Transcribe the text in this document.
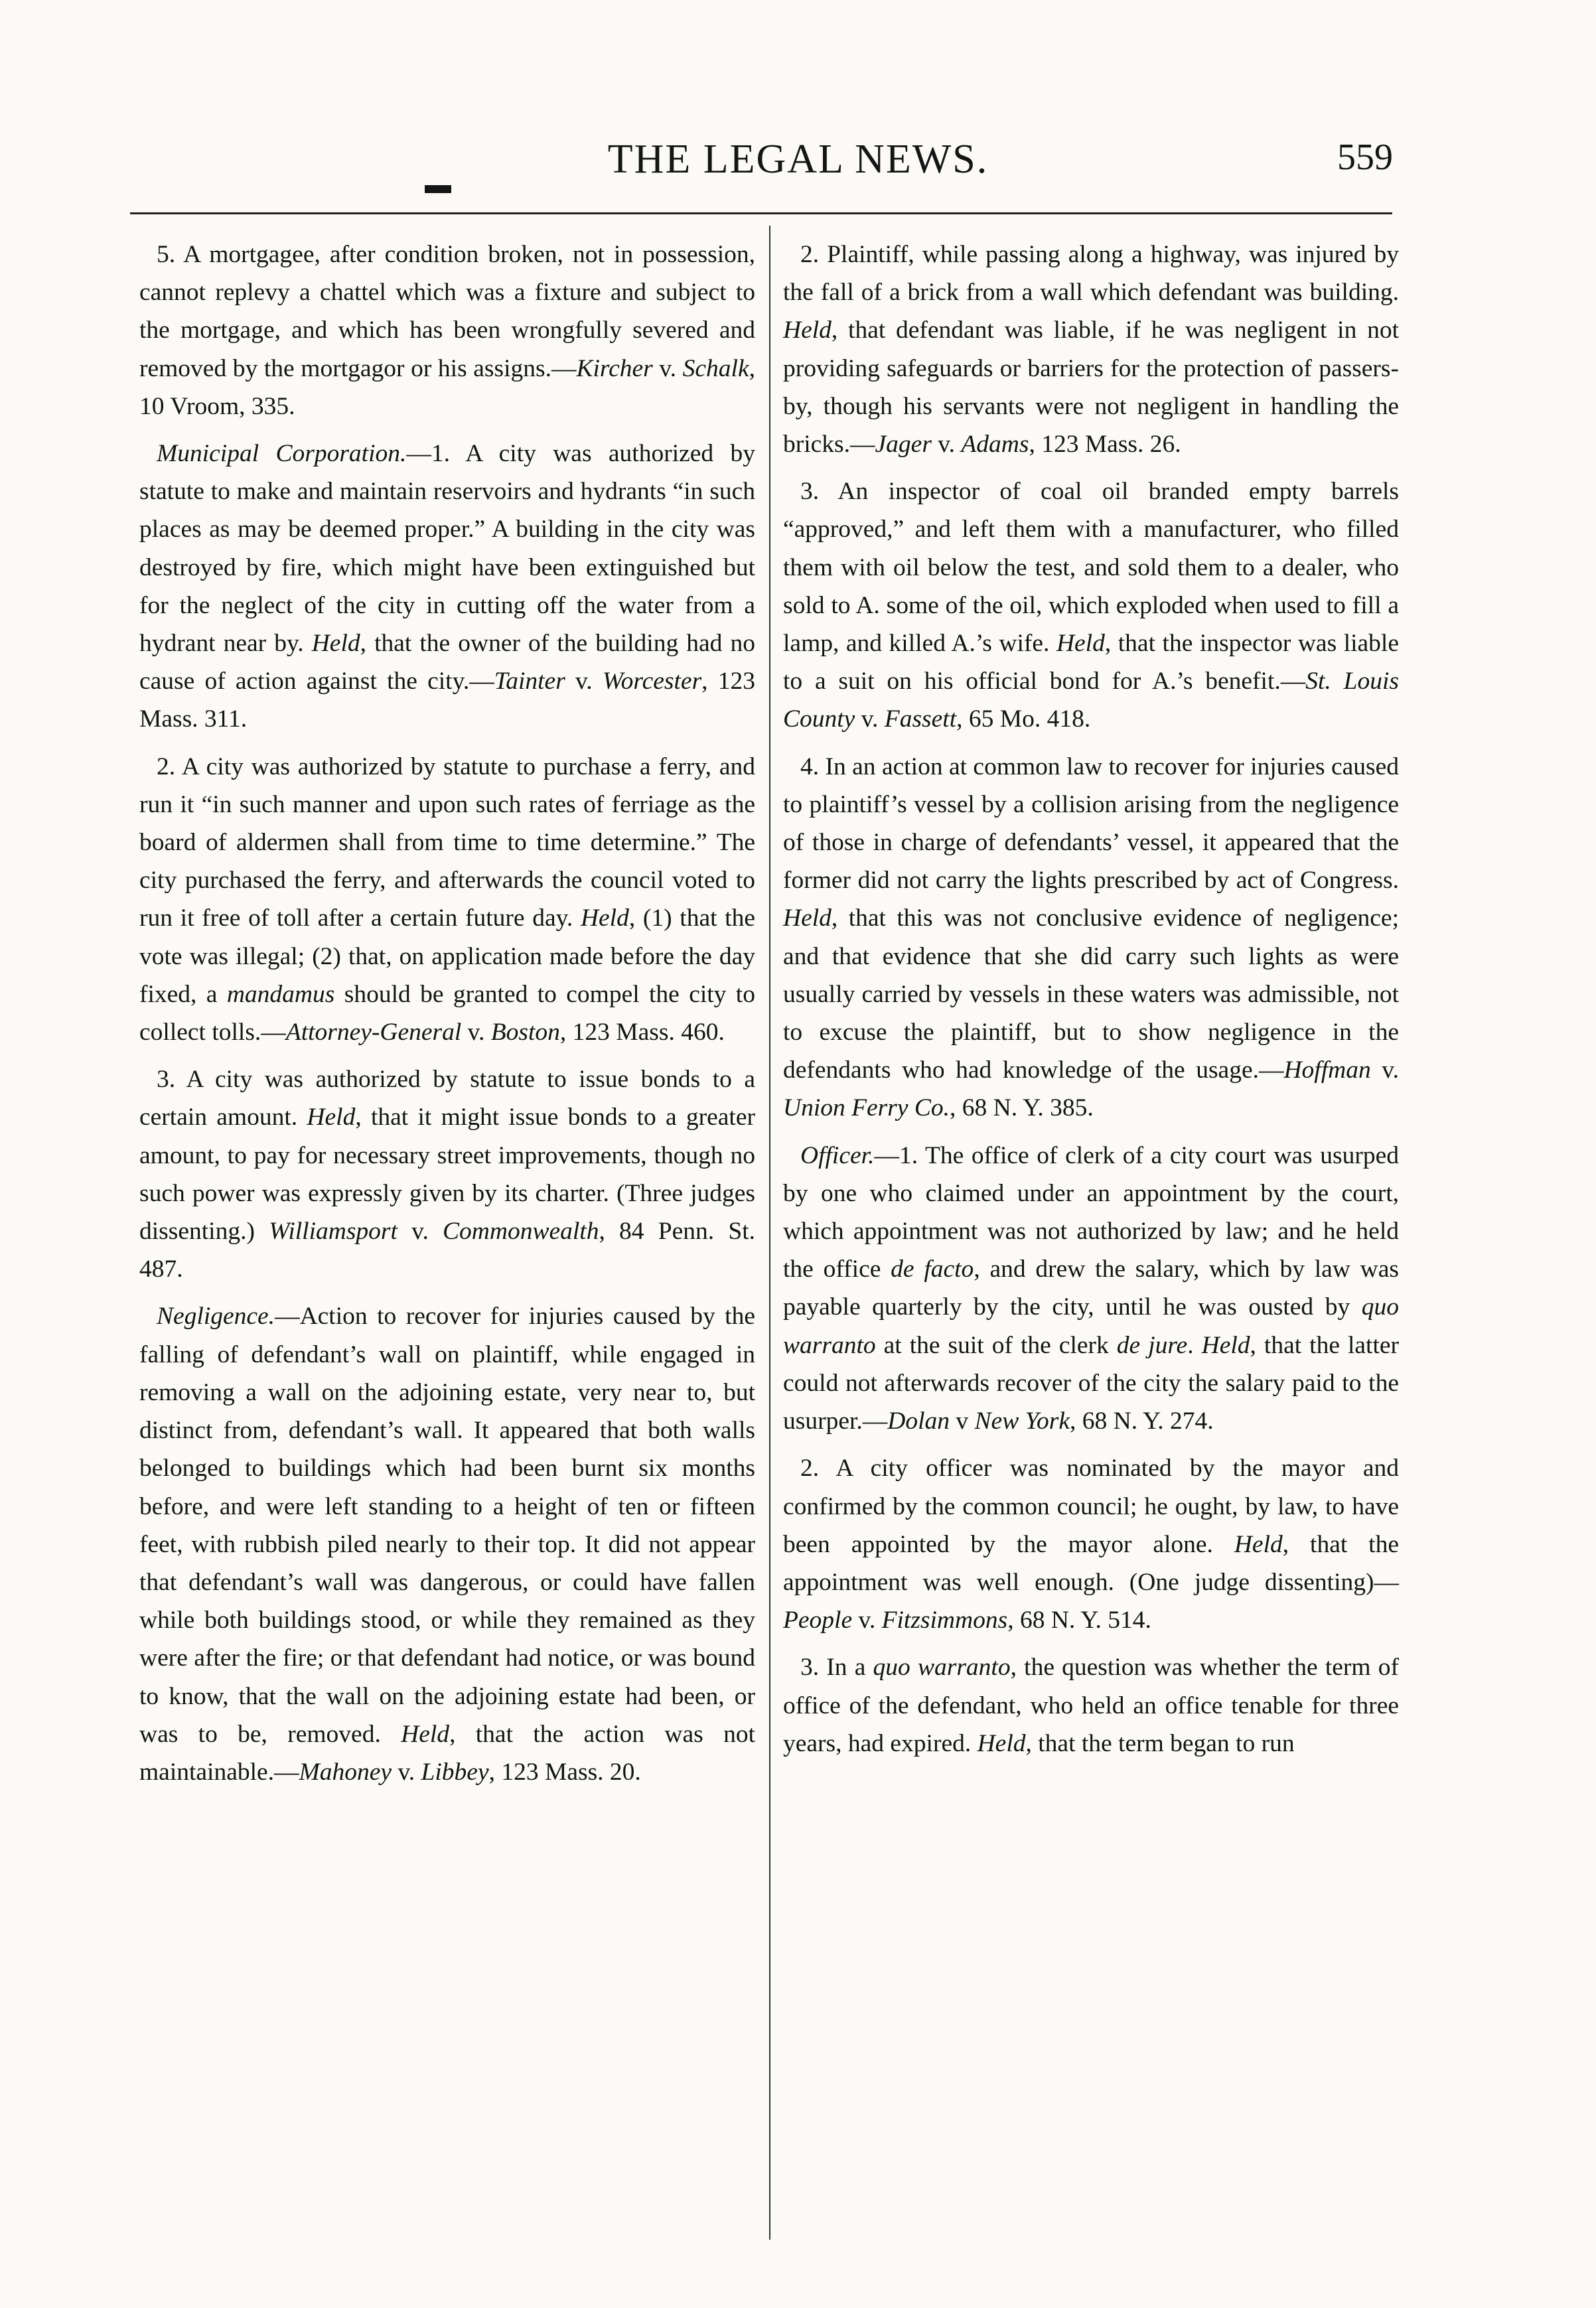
▬
THE LEGAL NEWS.	559

5. A mortgagee, after condition broken, not in possession, cannot replevy a chattel which was a fixture and subject to the mortgage, and which has been wrongfully severed and removed by the mortgagor or his assigns.—Kircher v. Schalk, 10 Vroom, 335.

Municipal Corporation.—1. A city was authorized by statute to make and maintain reservoirs and hydrants “in such places as may be deemed proper.” A building in the city was destroyed by fire, which might have been extinguished but for the neglect of the city in cutting off the water from a hydrant near by. Held, that the owner of the building had no cause of action against the city.—Tainter v. Worcester, 123 Mass. 311.

2. A city was authorized by statute to purchase a ferry, and run it “in such manner and upon such rates of ferriage as the board of aldermen shall from time to time determine.” The city purchased the ferry, and afterwards the council voted to run it free of toll after a certain future day. Held, (1) that the vote was illegal; (2) that, on application made before the day fixed, a mandamus should be granted to compel the city to collect tolls.—Attorney-General v. Boston, 123 Mass. 460.

3. A city was authorized by statute to issue bonds to a certain amount. Held, that it might issue bonds to a greater amount, to pay for necessary street improvements, though no such power was expressly given by its charter. (Three judges dissenting.) Williamsport v. Commonwealth, 84 Penn. St. 487.

Negligence.—Action to recover for injuries caused by the falling of defendant’s wall on plaintiff, while engaged in removing a wall on the adjoining estate, very near to, but distinct from, defendant’s wall. It appeared that both walls belonged to buildings which had been burnt six months before, and were left standing to a height of ten or fifteen feet, with rubbish piled nearly to their top. It did not appear that defendant’s wall was dangerous, or could have fallen while both buildings stood, or while they remained as they were after the fire; or that defendant had notice, or was bound to know, that the wall on the adjoining estate had been, or was to be, removed. Held, that the action was not maintainable.—Mahoney v. Libbey, 123 Mass. 20.

2. Plaintiff, while passing along a highway, was injured by the fall of a brick from a wall which defendant was building. Held, that defendant was liable, if he was negligent in not providing safeguards or barriers for the protection of passers-by, though his servants were not negligent in handling the bricks.—Jager v. Adams, 123 Mass. 26.

3. An inspector of coal oil branded empty barrels “approved,” and left them with a manufacturer, who filled them with oil below the test, and sold them to a dealer, who sold to A. some of the oil, which exploded when used to fill a lamp, and killed A.’s wife. Held, that the inspector was liable to a suit on his official bond for A.’s benefit.—St. Louis County v. Fassett, 65 Mo. 418.

4. In an action at common law to recover for injuries caused to plaintiff’s vessel by a collision arising from the negligence of those in charge of defendants’ vessel, it appeared that the former did not carry the lights prescribed by act of Congress. Held, that this was not conclusive evidence of negligence; and that evidence that she did carry such lights as were usually carried by vessels in these waters was admissible, not to excuse the plaintiff, but to show negligence in the defendants who had knowledge of the usage.—Hoffman v. Union Ferry Co., 68 N. Y. 385.

Officer.—1. The office of clerk of a city court was usurped by one who claimed under an appointment by the court, which appointment was not authorized by law; and he held the office de facto, and drew the salary, which by law was payable quarterly by the city, until he was ousted by quo warranto at the suit of the clerk de jure. Held, that the latter could not afterwards recover of the city the salary paid to the usurper.—Dolan v New York, 68 N. Y. 274.

2. A city officer was nominated by the mayor and confirmed by the common council; he ought, by law, to have been appointed by the mayor alone. Held, that the appointment was well enough. (One judge dissenting)—People v. Fitzsimmons, 68 N. Y. 514.

3. In a quo warranto, the question was whether the term of office of the defendant, who held an office tenable for three years, had expired. Held, that the term began to run
